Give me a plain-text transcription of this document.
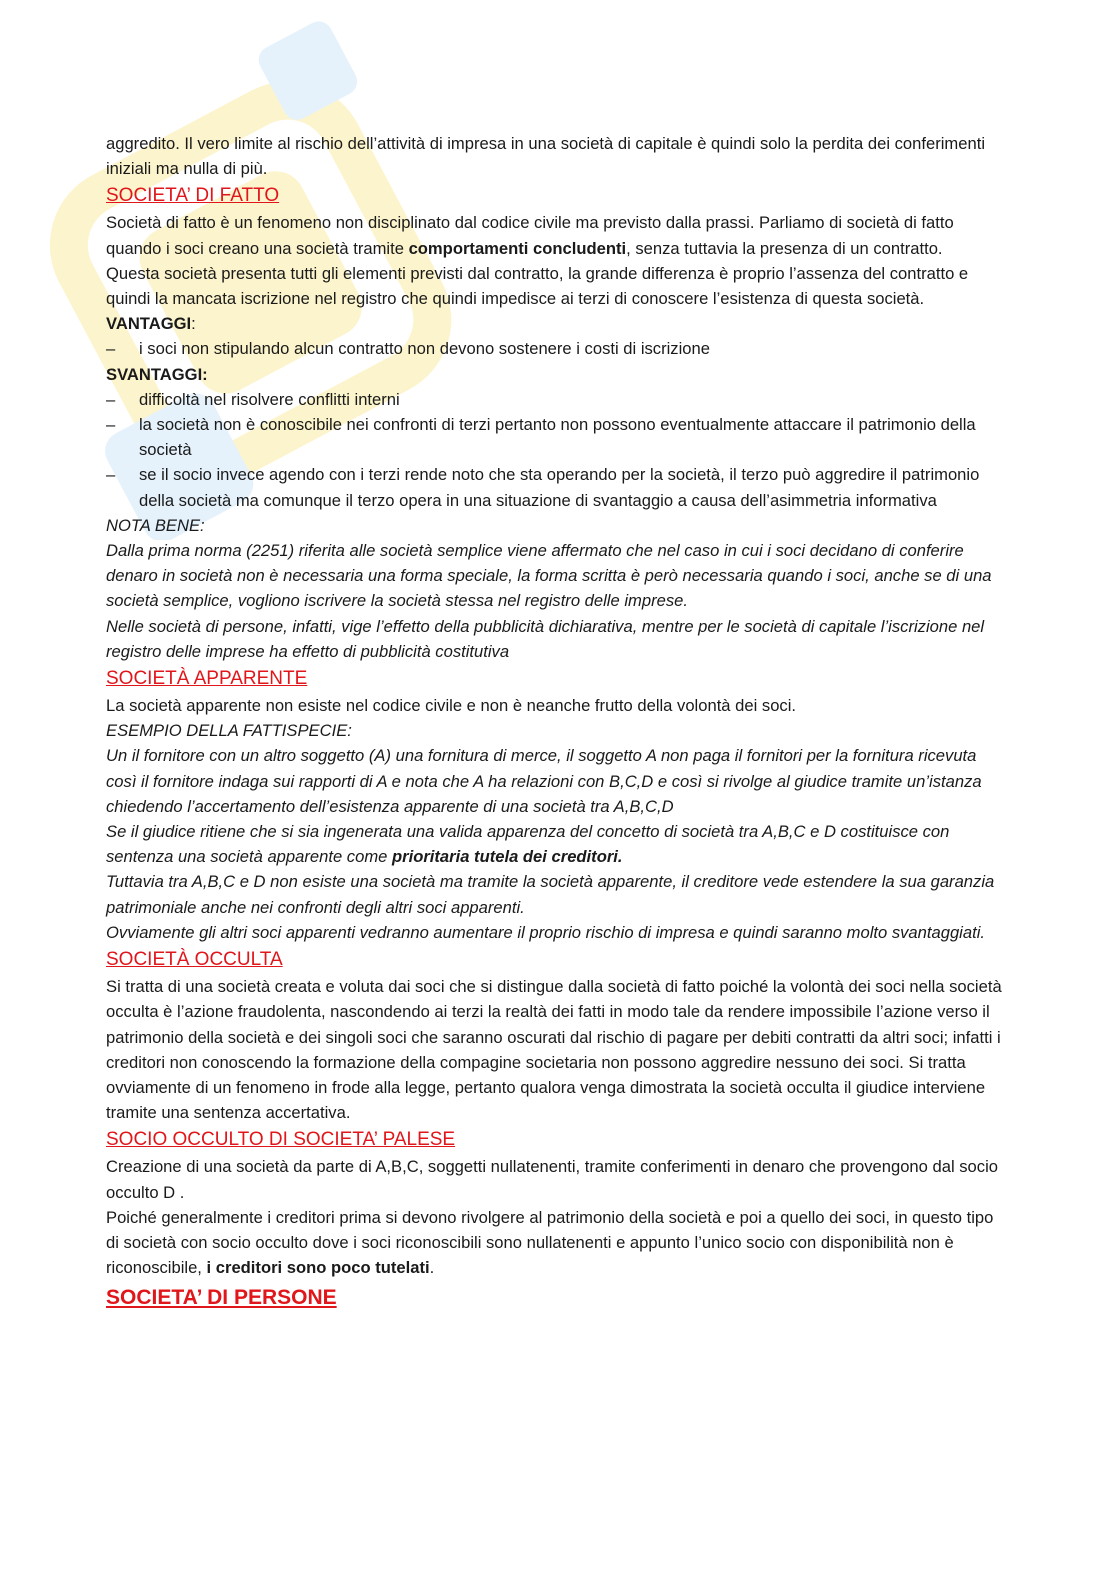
aggredito. Il vero limite al rischio dell’attività di impresa in una società di capitale è quindi solo la perdita dei conferimenti iniziali ma nulla di più.

SOCIETA’ DI FATTO

Società di fatto è un fenomeno non disciplinato dal codice civile ma previsto dalla prassi. Parliamo di società di fatto quando i soci creano una società tramite comportamenti concludenti, senza tuttavia la presenza di un contratto.

Questa società presenta tutti gli elementi previsti dal contratto, la grande differenza è proprio l’assenza del contratto e quindi la mancata iscrizione nel registro che quindi impedisce ai terzi di conoscere l’esistenza di questa società.

VANTAGGI:

– i soci non stipulando alcun contratto non devono sostenere i costi di iscrizione

SVANTAGGI:

– difficoltà nel risolvere conflitti interni
– la società non è conoscibile nei confronti di terzi pertanto non possono eventualmente attaccare il patrimonio della società
– se il socio invece agendo con i terzi rende noto che sta operando per la società, il terzo può aggredire il patrimonio della società ma comunque il terzo opera in una situazione di svantaggio a causa dell’asimmetria informativa

NOTA BENE:

Dalla prima norma (2251) riferita alle società semplice viene affermato che nel caso in cui i soci decidano di conferire denaro in società non è necessaria una forma speciale, la forma scritta è però necessaria quando i soci, anche se di una società semplice, vogliono iscrivere la società stessa nel registro delle imprese.

Nelle società di persone, infatti, vige l’effetto della pubblicità dichiarativa, mentre per le società di capitale l’iscrizione nel registro delle imprese ha effetto di pubblicità costitutiva

SOCIETÀ APPARENTE

La società apparente non esiste nel codice civile e non è neanche frutto della volontà dei soci.

ESEMPIO DELLA FATTISPECIE:

Un il fornitore con un altro soggetto (A) una fornitura di merce, il soggetto A non paga il fornitori per la fornitura ricevuta così il fornitore indaga sui rapporti di A e nota che A ha relazioni con B,C,D e così si rivolge al giudice tramite un’istanza chiedendo l’accertamento dell’esistenza apparente di una società tra A,B,C,D

Se il giudice ritiene che si sia ingenerata una valida apparenza del concetto di società tra A,B,C e D costituisce con sentenza una società apparente come prioritaria tutela dei creditori.

Tuttavia tra A,B,C e D non esiste una società ma tramite la società apparente, il creditore vede estendere la sua garanzia patrimoniale anche nei confronti degli altri soci apparenti.

Ovviamente gli altri soci apparenti vedranno aumentare il proprio rischio di impresa e quindi saranno molto svantaggiati.

SOCIETÀ OCCULTA

Si tratta di una società creata e voluta dai soci che si distingue dalla società di fatto poiché la volontà dei soci nella società occulta è l’azione fraudolenta, nascondendo ai terzi la realtà dei fatti in modo tale da rendere impossibile l’azione verso il patrimonio della società e dei singoli soci che saranno oscurati dal rischio di pagare per debiti contratti da altri soci; infatti i creditori non conoscendo la formazione della compagine societaria non possono aggredire nessuno dei soci. Si tratta ovviamente di un fenomeno in frode alla legge, pertanto qualora venga dimostrata la società occulta il giudice interviene tramite una sentenza accertativa.

SOCIO OCCULTO DI SOCIETA’ PALESE

Creazione di una società da parte di A,B,C, soggetti nullatenenti, tramite conferimenti in denaro che provengono dal socio occulto D .

Poiché generalmente i creditori prima si devono rivolgere al patrimonio della società e poi a quello dei soci, in questo tipo di società con socio occulto dove i soci riconoscibili sono nullatenenti e appunto l’unico socio con disponibilità non è riconoscibile, i creditori sono poco tutelati.

SOCIETA’ DI PERSONE
